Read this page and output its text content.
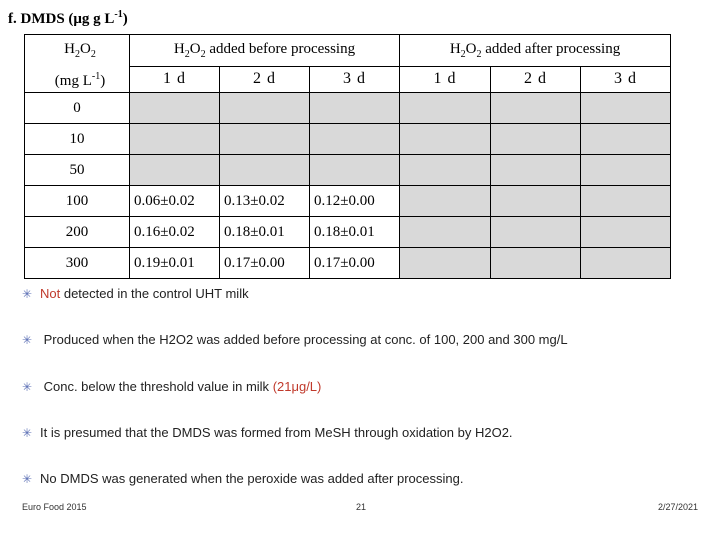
f. DMDS (μg g $L^{-1}$)
$H_2O_2$
(mg $L^{-1}$)	$H_2O_2$ added before processing			$H_2O_2$ added after processing		
	1 d	2 d	3 d	1 d	2 d	3 d
0						
10						
50						
100	0.06±0.02	0.13±0.02	0.12±0.00			
200	0.16±0.02	0.18±0.01	0.18±0.01			
300	0.19±0.01	0.17±0.00	0.17±0.00			
✳ Not detected in the control UHT milk
✳ Produced when the H2O2 was added before processing at conc. of 100, 200 and 300 mg/L
✳ Conc. below the threshold value in milk (21μg/L)
✳ It is presumed that the DMDS was formed from MeSH through oxidation by H2O2.
✳ No DMDS was generated when the peroxide was added after processing.
Euro Food 2015	21	2/27/2021
